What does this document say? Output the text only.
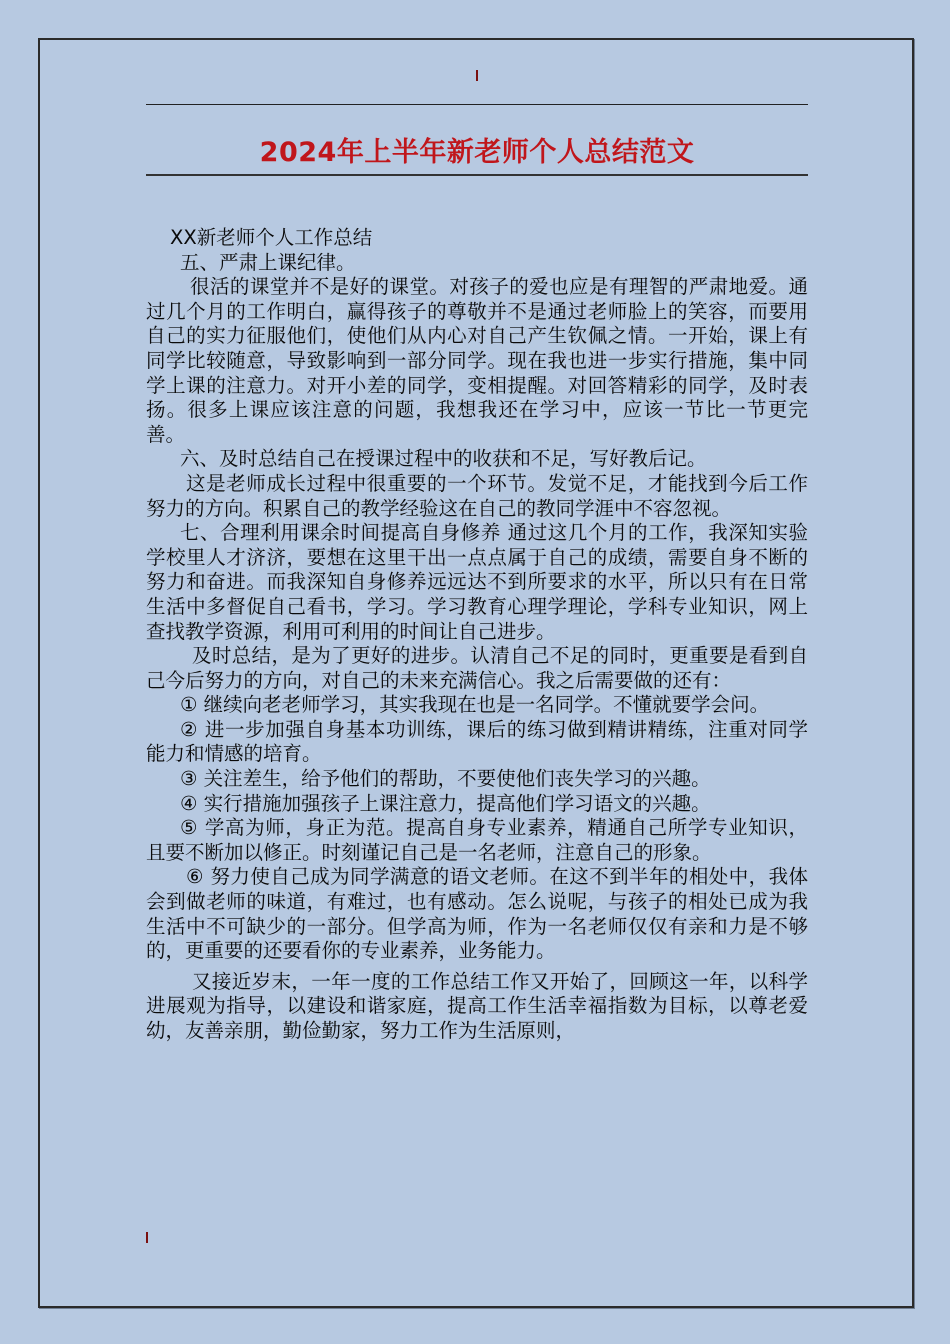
2024年上半年新老师个人总结范文

XX新老师个人工作总结

五、严肃上课纪律。

很活的课堂并不是好的课堂。对孩子的爱也应是有理智的严肃地爱。通过几个月的工作明白，赢得孩子的尊敬并不是通过老师脸上的笑容，而要用自己的实力征服他们，使他们从内心对自己产生钦佩之情。一开始，课上有同学比较随意，导致影响到一部分同学。现在我也进一步实行措施，集中同学上课的注意力。对开小差的同学，变相提醒。对回答精彩的同学，及时表扬。很多上课应该注意的问题，我想我还在学习中，应该一节比一节更完善。

六、及时总结自己在授课过程中的收获和不足，写好教后记。

这是老师成长过程中很重要的一个环节。发觉不足，才能找到今后工作努力的方向。积累自己的教学经验这在自己的教同学涯中不容忽视。

七、合理利用课余时间提高自身修养 通过这几个月的工作，我深知实验学校里人才济济，要想在这里干出一点点属于自己的成绩，需要自身不断的努力和奋进。而我深知自身修养远远达不到所要求的水平，所以只有在日常生活中多督促自己看书，学习。学习教育心理学理论，学科专业知识，网上查找教学资源，利用可利用的时间让自己进步。

及时总结，是为了更好的进步。认清自己不足的同时，更重要是看到自己今后努力的方向，对自己的未来充满信心。我之后需要做的还有：

① 继续向老老师学习，其实我现在也是一名同学。不懂就要学会问。

② 进一步加强自身基本功训练，课后的练习做到精讲精练，注重对同学能力和情感的培育。

③ 关注差生，给予他们的帮助，不要使他们丧失学习的兴趣。

④ 实行措施加强孩子上课注意力，提高他们学习语文的兴趣。

⑤ 学高为师，身正为范。提高自身专业素养，精通自己所学专业知识，且要不断加以修正。时刻谨记自己是一名老师，注意自己的形象。

⑥ 努力使自己成为同学满意的语文老师。在这不到半年的相处中，我体会到做老师的味道，有难过，也有感动。怎么说呢，与孩子的相处已成为我生活中不可缺少的一部分。但学高为师，作为一名老师仅仅有亲和力是不够的，更重要的还要看你的专业素养，业务能力。

又接近岁末，一年一度的工作总结工作又开始了，回顾这一年，以科学进展观为指导，以建设和谐家庭，提高工作生活幸福指数为目标，以尊老爱幼，友善亲朋，勤俭勤家，努力工作为生活原则，
